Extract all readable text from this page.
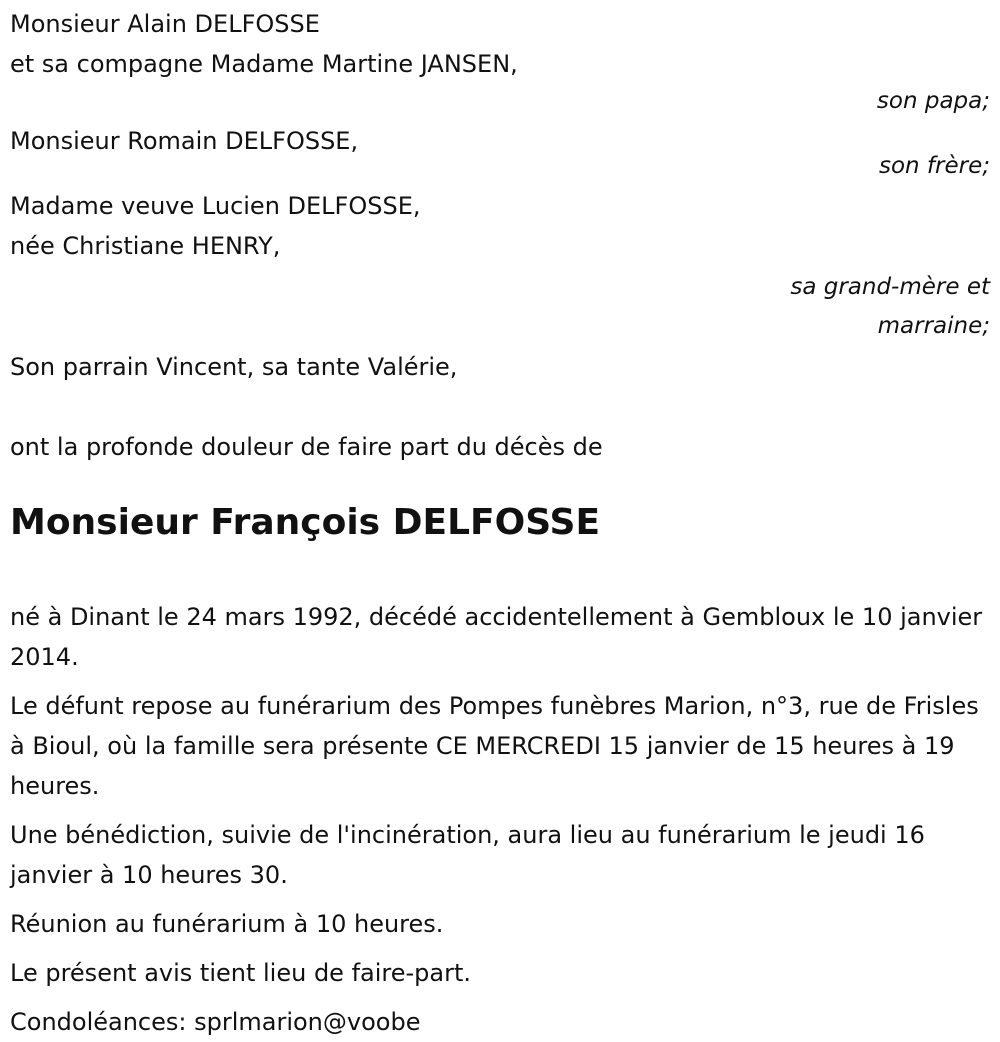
Monsieur Alain DELFOSSE
et sa compagne Madame Martine JANSEN,
son papa;
Monsieur Romain DELFOSSE,
son frère;
Madame veuve Lucien DELFOSSE,
née Christiane HENRY,
sa grand-mère et
marraine;
Son parrain Vincent, sa tante Valérie,
ont la profonde douleur de faire part du décès de
Monsieur François DELFOSSE

né à Dinant le 24 mars 1992, décédé accidentellement à Gembloux le 10 janvier 2014.

Le défunt repose au funérarium des Pompes funèbres Marion, n°3, rue de Frisles à Bioul, où la famille sera présente CE MERCREDI 15 janvier de 15 heures à 19 heures.

Une bénédiction, suivie de l'incinération, aura lieu au funérarium le jeudi 16 janvier à 10 heures 30.

Réunion au funérarium à 10 heures.

Le présent avis tient lieu de faire-part.

Condoléances: sprlmarion@voobe
